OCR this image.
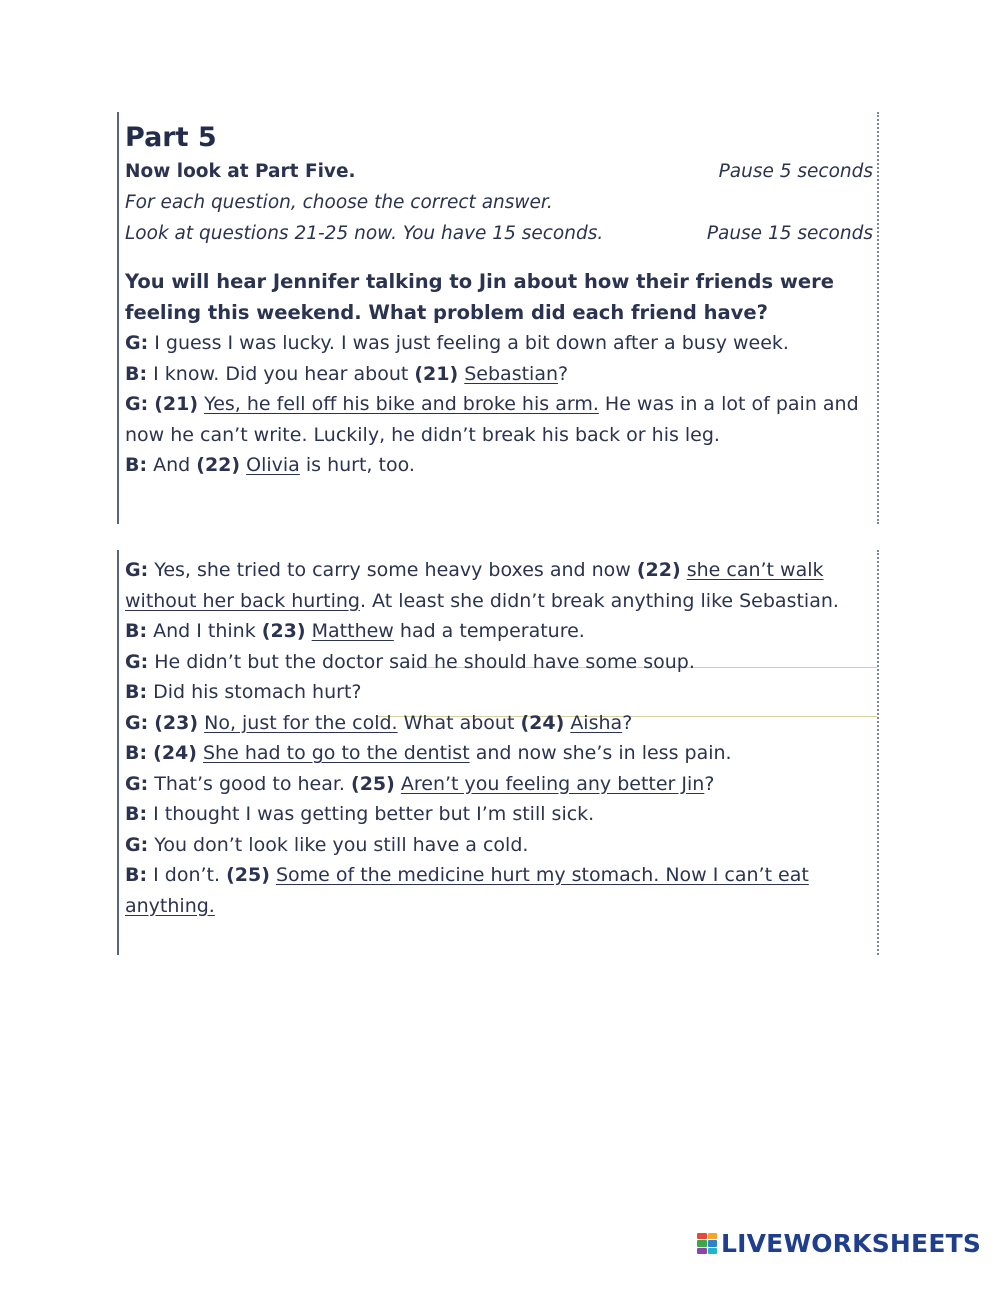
Part 5
Now look at Part Five.	Pause 5 seconds
For each question, choose the correct answer.
Look at questions 21-25 now. You have 15 seconds.	Pause 15 seconds
You will hear Jennifer talking to Jin about how their friends were feeling this weekend. What problem did each friend have?
G: I guess I was lucky. I was just feeling a bit down after a busy week.
B: I know. Did you hear about (21) Sebastian?
G: (21) Yes, he fell off his bike and broke his arm. He was in a lot of pain and now he can’t write. Luckily, he didn’t break his back or his leg.
B: And (22) Olivia is hurt, too.
G: Yes, she tried to carry some heavy boxes and now (22) she can’t walk without her back hurting. At least she didn’t break anything like Sebastian.
B: And I think (23) Matthew had a temperature.
G: He didn’t but the doctor said he should have some soup.
B: Did his stomach hurt?
G: (23) No, just for the cold. What about (24) Aisha?
B: (24) She had to go to the dentist and now she’s in less pain.
G: That’s good to hear. (25) Aren’t you feeling any better Jin?
B: I thought I was getting better but I’m still sick.
G: You don’t look like you still have a cold.
B: I don’t. (25) Some of the medicine hurt my stomach. Now I can’t eat anything.
LIVEWORKSHEETS
